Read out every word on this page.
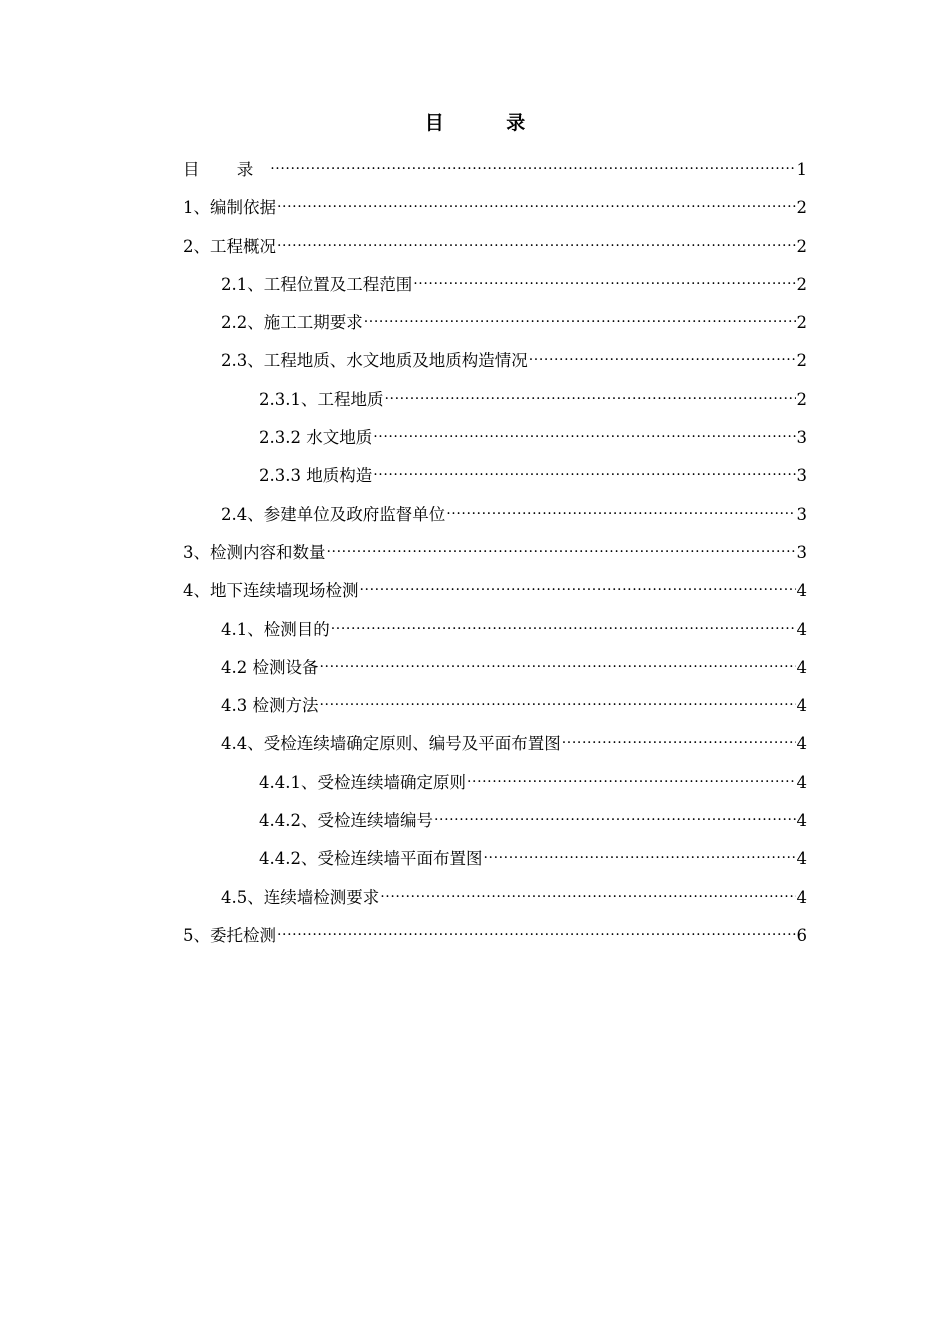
目 录
目 录 .....	1
1、编制依据 .....	2
2、工程概况 .....	2
2.1、工程位置及工程范围 .....	2
2.2、施工工期要求 .....	2
2.3、工程地质、水文地质及地质构造情况 .....	2
2.3.1、工程地质 .....	2
2.3.2 水文地质 .....	3
2.3.3 地质构造 .....	3
2.4、参建单位及政府监督单位 .....	3
3、检测内容和数量 .....	3
4、地下连续墙现场检测 .....	4
4.1、检测目的 .....	4
4.2 检测设备 .....	4
4.3 检测方法 .....	4
4.4、受检连续墙确定原则、编号及平面布置图 .....	4
4.4.1、受检连续墙确定原则 .....	4
4.4.2、受检连续墙编号 .....	4
4.4.2、受检连续墙平面布置图 .....	4
4.5、连续墙检测要求 .....	4
5、委托检测 .....	6
